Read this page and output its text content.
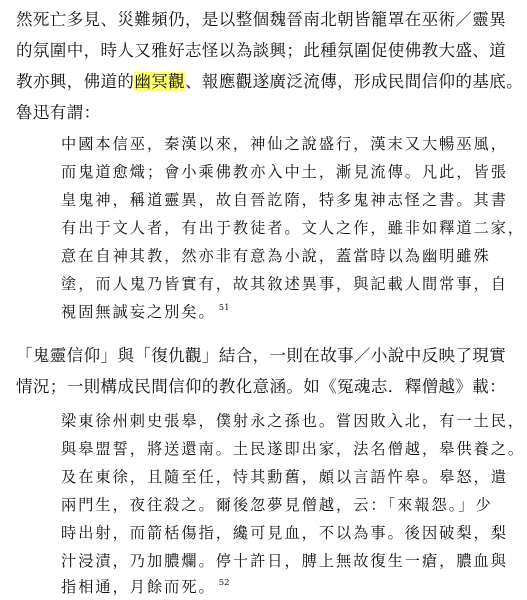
然死亡多見、災難頻仍，是以整個魏晉南北朝皆籠罩在巫術／靈異
的氛圍中，時人又雅好志怪以為談興；此種氛圍促使佛教大盛、道
教亦興，佛道的幽冥觀、報應觀遂廣泛流傳，形成民間信仰的基底。
魯迅有謂：
中國本信巫，秦漢以來，神仙之說盛行，漢末又大暢巫風，
而鬼道愈熾；會小乘佛教亦入中土，漸見流傳。凡此，皆張
皇鬼神，稱道靈異，故自晉訖隋，特多鬼神志怪之書。其書
有出于文人者，有出于教徒者。文人之作，雖非如釋道二家，
意在自神其教，然亦非有意為小說，蓋當時以為幽明雖殊
塗，而人鬼乃皆實有，故其敘述異事，與記載人間常事，自
視固無誠妄之別矣。 $^{51}$
「鬼靈信仰」與「復仇觀」結合，一則在故事／小說中反映了現實
情況；一則構成民間信仰的教化意涵。如《冤魂志．釋僧越》載：
梁東徐州刺史張皋，僕射永之孫也。嘗因敗入北，有一土民，
與皋盟誓，將送還南。土民遂即出家，法名僧越，皋供養之。
及在東徐，且隨至任，恃其勳舊，頗以言語忤皋。皋怒，遣
兩門生，夜往殺之。爾後忽夢見僧越，云：「來報怨。」少
時出射，而箭栝傷指，纔可見血，不以為事。後因破梨，梨
汁浸漬，乃加膿爛。停十許日，膊上無故復生一瘡，膿血與
指相通，月餘而死。 $^{52}$
